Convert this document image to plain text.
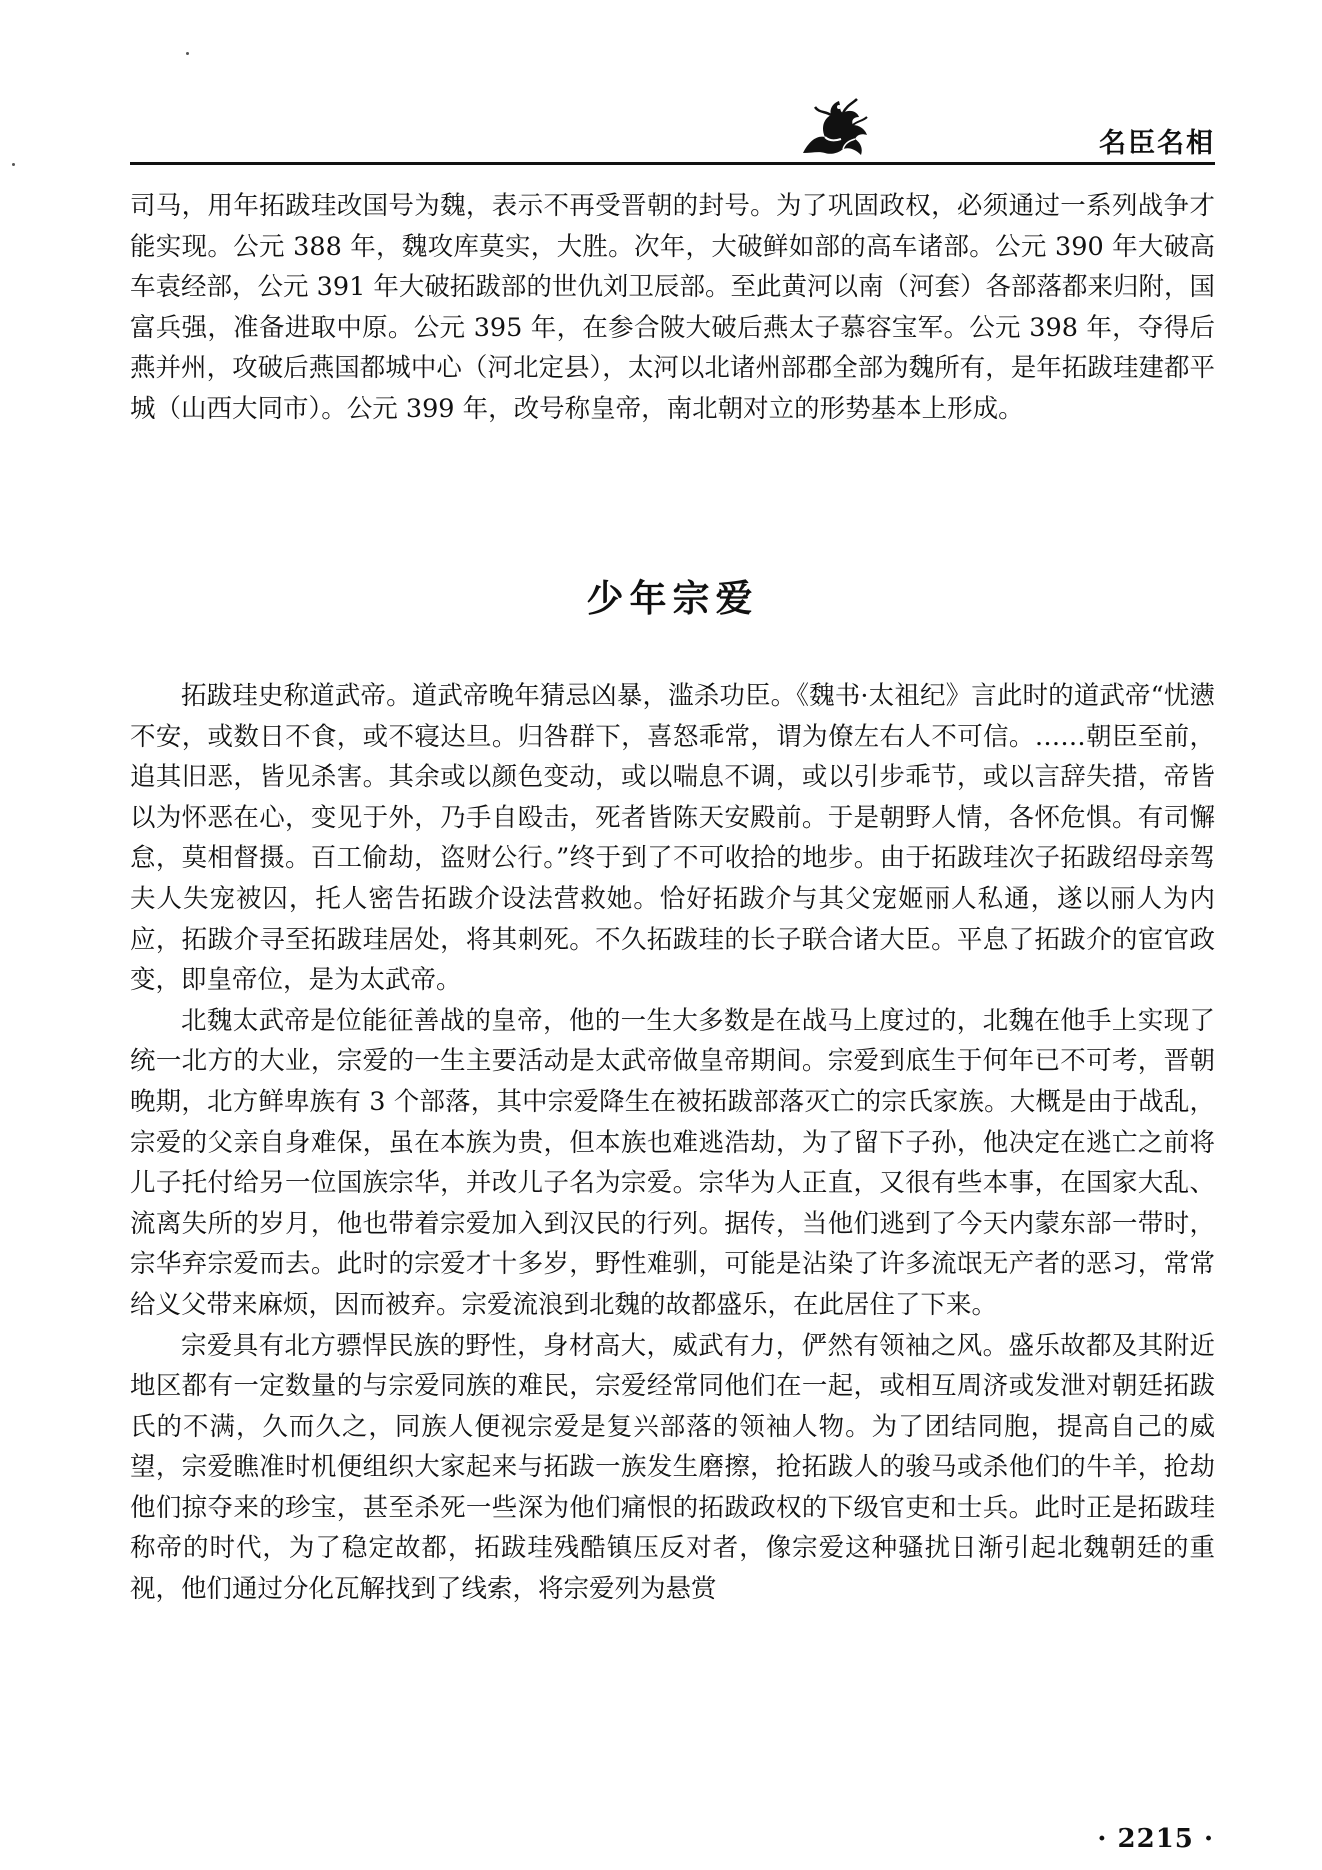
名臣名相

司马，用年拓跋珪改国号为魏，表示不再受晋朝的封号。为了巩固政权，必须通过一系列战争才能实现。公元 388 年，魏攻库莫实，大胜。次年，大破鲜如部的高车诸部。公元 390 年大破高车袁经部，公元 391 年大破拓跋部的世仇刘卫辰部。至此黄河以南（河套）各部落都来归附，国富兵强，准备进取中原。公元 395 年，在参合陂大破后燕太子慕容宝军。公元 398 年，夺得后燕并州，攻破后燕国都城中心（河北定县），太河以北诸州部郡全部为魏所有，是年拓跋珪建都平城（山西大同市）。公元 399 年，改号称皇帝，南北朝对立的形势基本上形成。

少年宗爱

拓跋珪史称道武帝。道武帝晚年猜忌凶暴，滥杀功臣。《魏书·太祖纪》言此时的道武帝“忧懑不安，或数日不食，或不寝达旦。归咎群下，喜怒乖常，谓为僚左右人不可信。……朝臣至前，追其旧恶，皆见杀害。其余或以颜色变动，或以喘息不调，或以引步乖节，或以言辞失措，帝皆以为怀恶在心，变见于外，乃手自殴击，死者皆陈天安殿前。于是朝野人情，各怀危惧。有司懈怠，莫相督摄。百工偷劫，盗财公行。”终于到了不可收拾的地步。由于拓跋珪次子拓跋绍母亲驾夫人失宠被囚，托人密告拓跋介设法营救她。恰好拓跋介与其父宠姬丽人私通，遂以丽人为内应，拓跋介寻至拓跋珪居处，将其刺死。不久拓跋珪的长子联合诸大臣。平息了拓跋介的宦官政变，即皇帝位，是为太武帝。

北魏太武帝是位能征善战的皇帝，他的一生大多数是在战马上度过的，北魏在他手上实现了统一北方的大业，宗爱的一生主要活动是太武帝做皇帝期间。宗爱到底生于何年已不可考，晋朝晚期，北方鲜卑族有 3 个部落，其中宗爱降生在被拓跋部落灭亡的宗氏家族。大概是由于战乱，宗爱的父亲自身难保，虽在本族为贵，但本族也难逃浩劫，为了留下子孙，他决定在逃亡之前将儿子托付给另一位国族宗华，并改儿子名为宗爱。宗华为人正直，又很有些本事，在国家大乱、流离失所的岁月，他也带着宗爱加入到汉民的行列。据传，当他们逃到了今天内蒙东部一带时，宗华弃宗爱而去。此时的宗爱才十多岁，野性难驯，可能是沾染了许多流氓无产者的恶习，常常给义父带来麻烦，因而被弃。宗爱流浪到北魏的故都盛乐，在此居住了下来。

宗爱具有北方骠悍民族的野性，身材高大，威武有力，俨然有领袖之风。盛乐故都及其附近地区都有一定数量的与宗爱同族的难民，宗爱经常同他们在一起，或相互周济或发泄对朝廷拓跋氏的不满，久而久之，同族人便视宗爱是复兴部落的领袖人物。为了团结同胞，提高自己的威望，宗爱瞧准时机便组织大家起来与拓跋一族发生磨擦，抢拓跋人的骏马或杀他们的牛羊，抢劫他们掠夺来的珍宝，甚至杀死一些深为他们痛恨的拓跋政权的下级官吏和士兵。此时正是拓跋珪称帝的时代，为了稳定故都，拓跋珪残酷镇压反对者，像宗爱这种骚扰日渐引起北魏朝廷的重视，他们通过分化瓦解找到了线索，将宗爱列为悬赏

· 2215 ·
